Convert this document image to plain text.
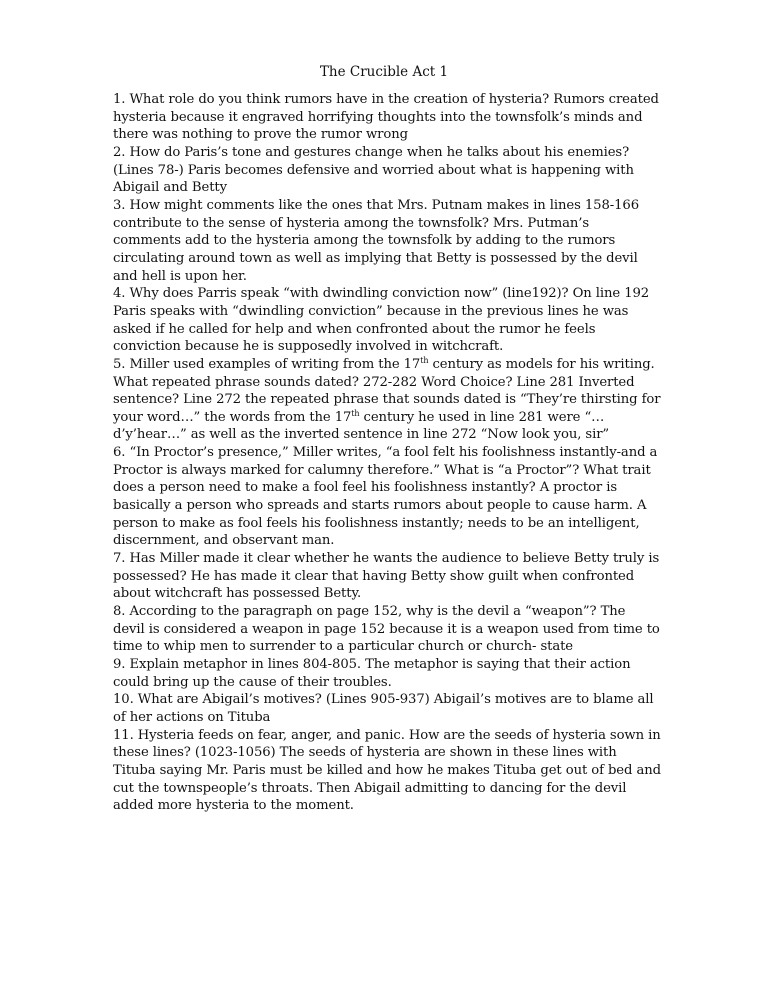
The Crucible Act 1

1. What role do you think rumors have in the creation of hysteria? Rumors created hysteria because it engraved horrifying thoughts into the townsfolk’s minds and there was nothing to prove the rumor wrong

2. How do Paris’s tone and gestures change when he talks about his enemies? (Lines 78-) Paris becomes defensive and worried about what is happening with Abigail and Betty

3. How might comments like the ones that Mrs. Putnam makes in lines 158-166 contribute to the sense of hysteria among the townsfolk? Mrs. Putman’s comments add to the hysteria among the townsfolk by adding to the rumors circulating around town as well as implying that Betty is possessed by the devil and hell is upon her.

4. Why does Parris speak “with dwindling conviction now” (line192)? On line 192 Paris speaks with “dwindling conviction” because in the previous lines he was asked if he called for help and when confronted about the rumor he feels conviction because he is supposedly involved in witchcraft.

5. Miller used examples of writing from the 17th century as models for his writing. What repeated phrase sounds dated? 272-282 Word Choice? Line 281 Inverted sentence? Line 272 the repeated phrase that sounds dated is “They’re thirsting for your word…” the words from the 17th century he used in line 281 were “…d’y’hear…” as well as the inverted sentence in line 272 “Now look you, sir”

6. “In Proctor’s presence,” Miller writes, “a fool felt his foolishness instantly-and a Proctor is always marked for calumny therefore.” What is “a Proctor”? What trait does a person need to make a fool feel his foolishness instantly? A proctor is basically a person who spreads and starts rumors about people to cause harm. A person to make as fool feels his foolishness instantly; needs to be an intelligent, discernment, and observant man.

7. Has Miller made it clear whether he wants the audience to believe Betty truly is possessed? He has made it clear that having Betty show guilt when confronted about witchcraft has possessed Betty.

8. According to the paragraph on page 152, why is the devil a “weapon”? The devil is considered a weapon in page 152 because it is a weapon used from time to time to whip men to surrender to a particular church or church- state

9. Explain metaphor in lines 804-805. The metaphor is saying that their action could bring up the cause of their troubles.

10. What are Abigail’s motives? (Lines 905-937) Abigail’s motives are to blame all of her actions on Tituba

11. Hysteria feeds on fear, anger, and panic. How are the seeds of hysteria sown in these lines? (1023-1056) The seeds of hysteria are shown in these lines with Tituba saying Mr. Paris must be killed and how he makes Tituba get out of bed and cut the townspeople’s throats. Then Abigail admitting to dancing for the devil added more hysteria to the moment.
